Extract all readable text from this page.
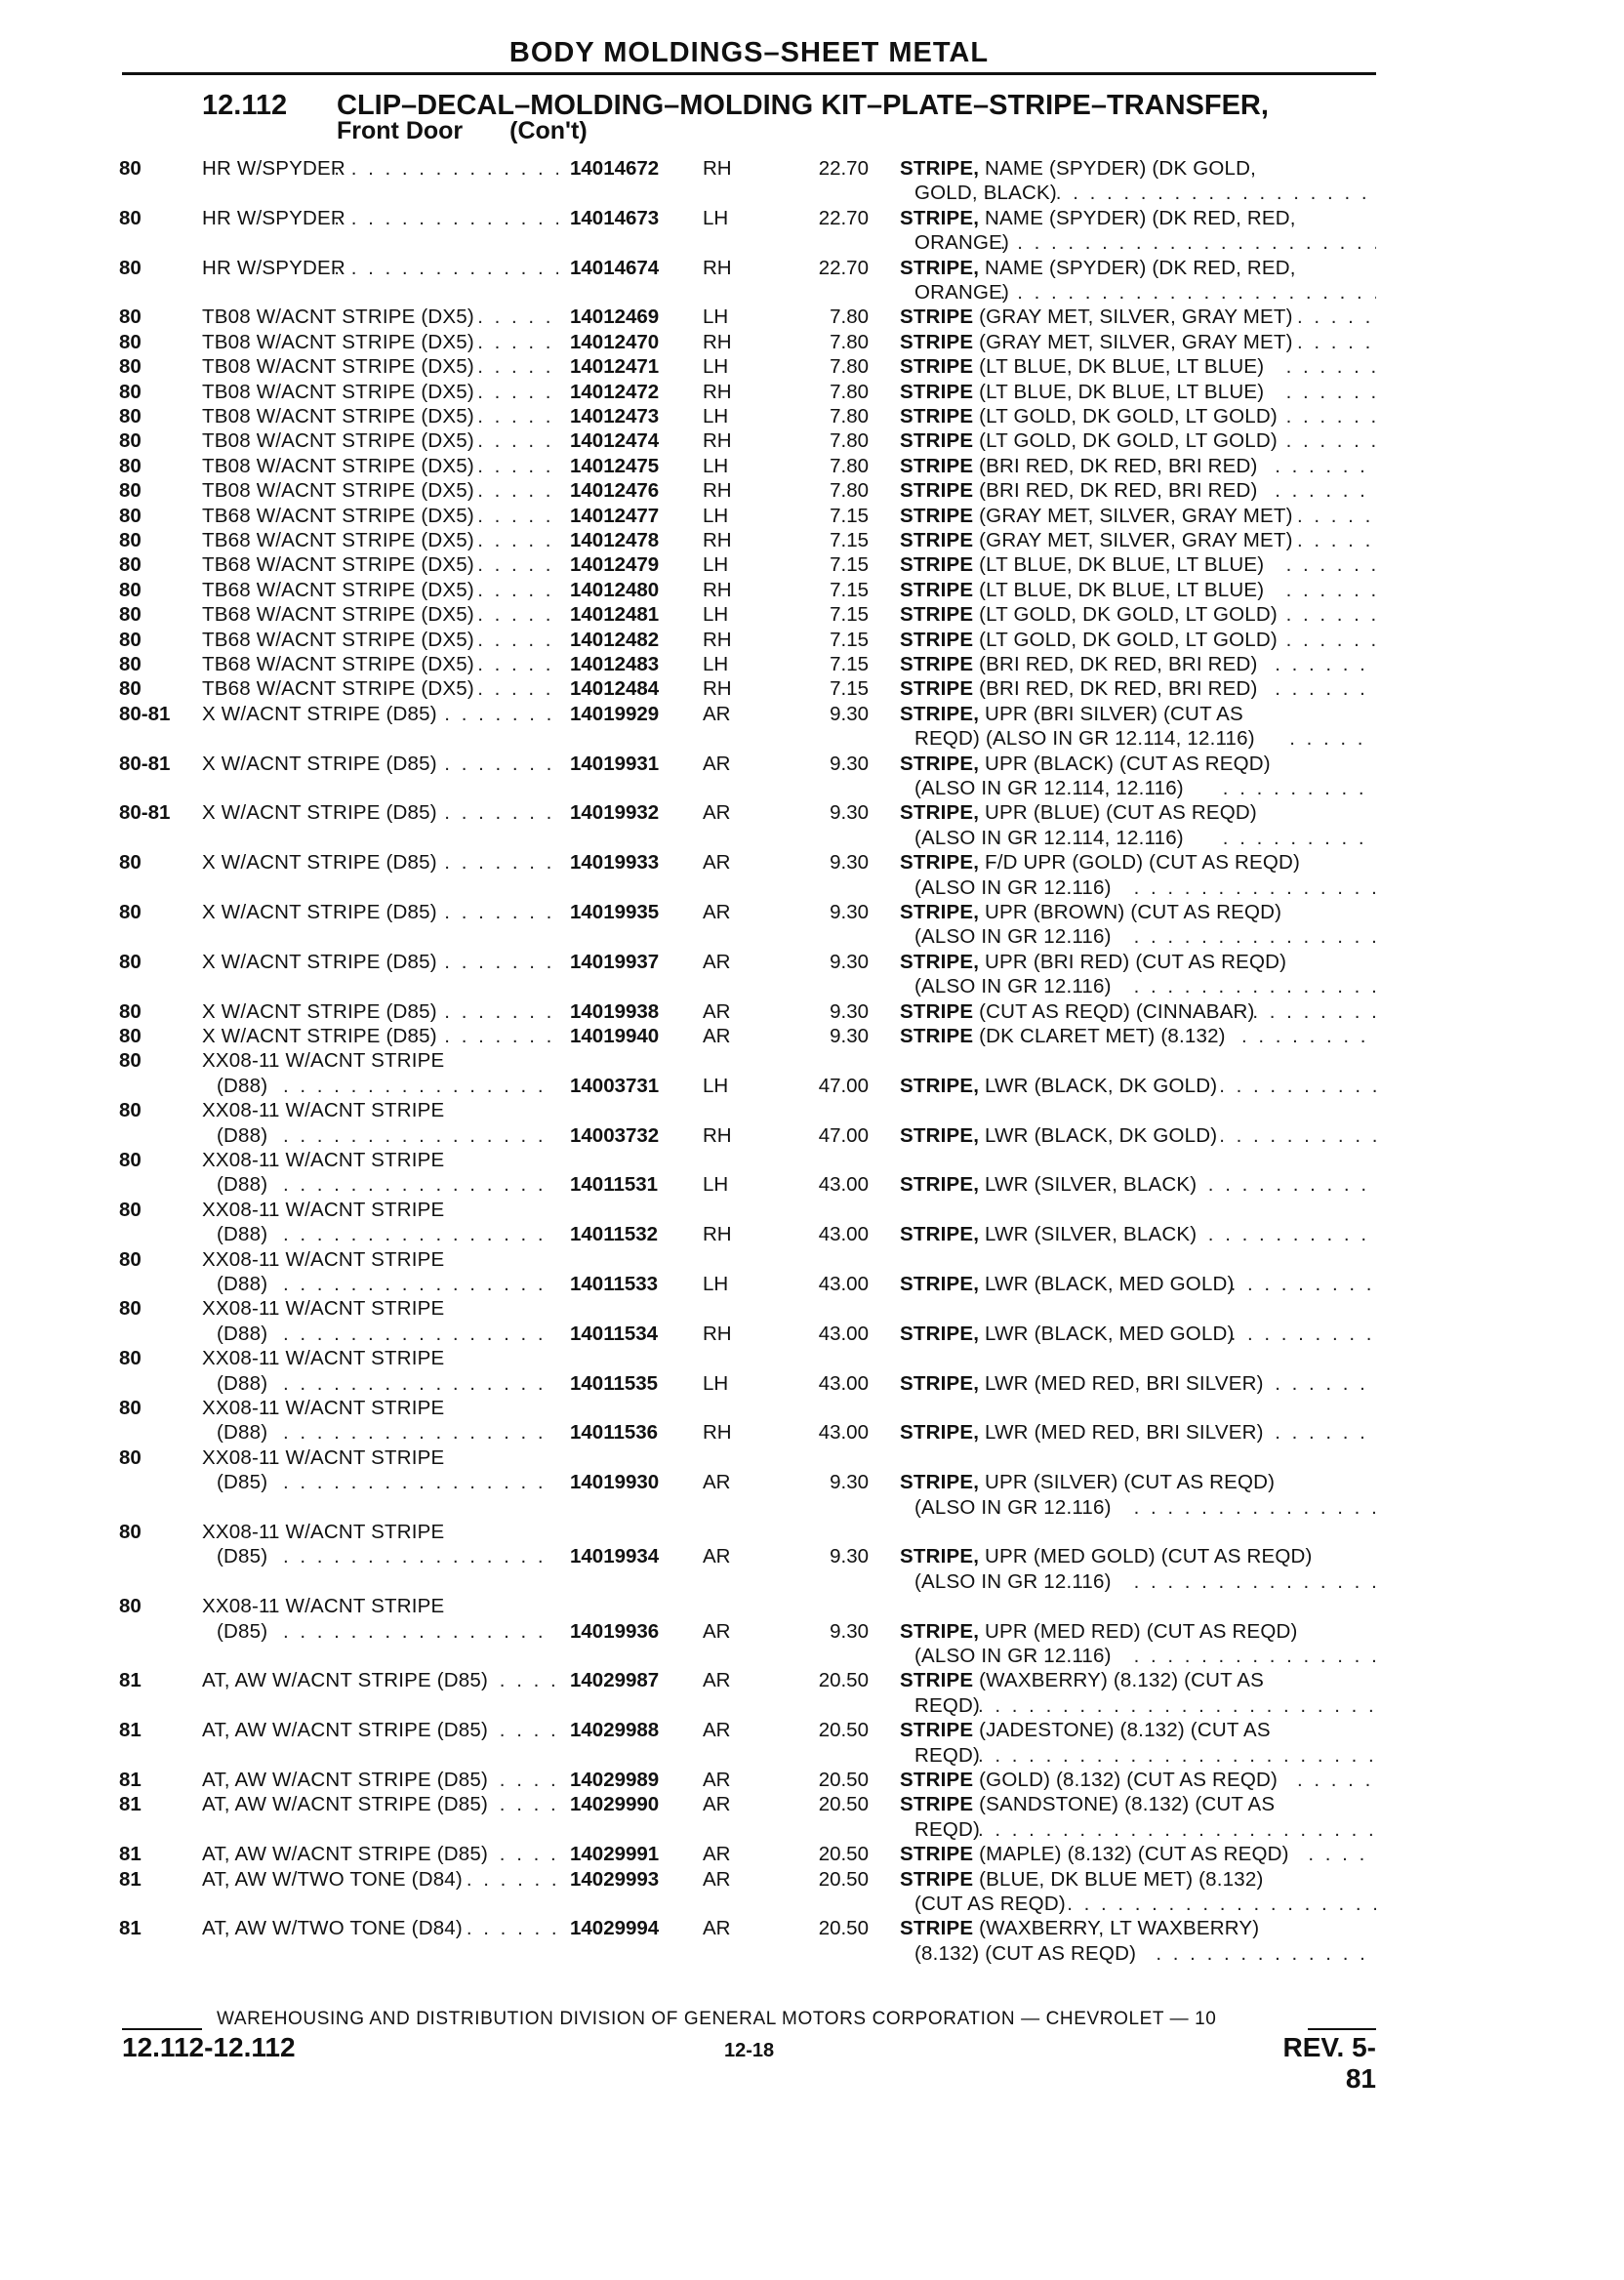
BODY MOLDINGS–SHEET METAL
12.112 CLIP–DECAL–MOLDING–MOLDING KIT–PLATE–STRIPE–TRANSFER,
Front Door (Con't)
80	HR W/SPYDER . . .	14014672 RH	22.70 STRIPE, NAME (SPYDER) (DK GOLD,
GOLD, BLACK)
. . .
80	HR W/SPYDER . . .	14014673 LH	22.70 STRIPE, NAME (SPYDER) (DK RED, RED,
ORANGE)
. . .
80	HR W/SPYDER . . .	14014674 RH	22.70 STRIPE, NAME (SPYDER) (DK RED, RED,
ORANGE)
. . .
80	TB08 W/ACNT STRIPE (DX5) . . .	14012469 LH	7.80 STRIPE (GRAY MET, SILVER, GRAY MET)
. . .
80	TB08 W/ACNT STRIPE (DX5) . . .	14012470 RH	7.80 STRIPE (GRAY MET, SILVER, GRAY MET)
. . .
80	TB08 W/ACNT STRIPE (DX5) . . .	14012471 LH	7.80 STRIPE (LT BLUE, DK BLUE, LT BLUE)
. . .
80	TB08 W/ACNT STRIPE (DX5) . . .	14012472 RH	7.80 STRIPE (LT BLUE, DK BLUE, LT BLUE)
. . .
80	TB08 W/ACNT STRIPE (DX5) . . .	14012473 LH	7.80 STRIPE (LT GOLD, DK GOLD, LT GOLD)
. . .
80	TB08 W/ACNT STRIPE (DX5) . . .	14012474 RH	7.80 STRIPE (LT GOLD, DK GOLD, LT GOLD)
. . .
80	TB08 W/ACNT STRIPE (DX5) . . .	14012475 LH	7.80 STRIPE (BRI RED, DK RED, BRI RED)
. . .
80	TB08 W/ACNT STRIPE (DX5) . . .	14012476 RH	7.80 STRIPE (BRI RED, DK RED, BRI RED)
. . .
80	TB68 W/ACNT STRIPE (DX5) . . .	14012477 LH	7.15 STRIPE (GRAY MET, SILVER, GRAY MET)
. . .
80	TB68 W/ACNT STRIPE (DX5) . . .	14012478 RH	7.15 STRIPE (GRAY MET, SILVER, GRAY MET)
. . .
80	TB68 W/ACNT STRIPE (DX5) . . .	14012479 LH	7.15 STRIPE (LT BLUE, DK BLUE, LT BLUE)
. . .
80	TB68 W/ACNT STRIPE (DX5) . . .	14012480 RH	7.15 STRIPE (LT BLUE, DK BLUE, LT BLUE)
. . .
80	TB68 W/ACNT STRIPE (DX5) . . .	14012481 LH	7.15 STRIPE (LT GOLD, DK GOLD, LT GOLD)
. . .
80	TB68 W/ACNT STRIPE (DX5) . . .	14012482 RH	7.15 STRIPE (LT GOLD, DK GOLD, LT GOLD)
. . .
80	TB68 W/ACNT STRIPE (DX5) . . .	14012483 LH	7.15 STRIPE (BRI RED, DK RED, BRI RED)
. . .
80	TB68 W/ACNT STRIPE (DX5) . . .	14012484 RH	7.15 STRIPE (BRI RED, DK RED, BRI RED)
. . .
80-81 X W/ACNT STRIPE (D85) . . .	14019929 AR	9.30 STRIPE, UPR (BRI SILVER) (CUT AS
REQD) (ALSO IN GR 12.114, 12.116)
. . .
80-81 X W/ACNT STRIPE (D85) . . .	14019931 AR	9.30 STRIPE, UPR (BLACK) (CUT AS REQD)
(ALSO IN GR 12.114, 12.116)
. . .
80-81 X W/ACNT STRIPE (D85) . . .	14019932 AR	9.30 STRIPE, UPR (BLUE) (CUT AS REQD)
(ALSO IN GR 12.114, 12.116)
. . .
80	X W/ACNT STRIPE (D85) . . .	14019933 AR	9.30 STRIPE, F/D UPR (GOLD) (CUT AS REQD)
(ALSO IN GR 12.116)
. . .
80	X W/ACNT STRIPE (D85) . . .	14019935 AR	9.30 STRIPE, UPR (BROWN) (CUT AS REQD)
(ALSO IN GR 12.116)
. . .
80	X W/ACNT STRIPE (D85) . . .	14019937 AR	9.30 STRIPE, UPR (BRI RED) (CUT AS REQD)
(ALSO IN GR 12.116)
. . .
80	X W/ACNT STRIPE (D85) . . .	14019938 AR	9.30 STRIPE (CUT AS REQD) (CINNABAR)
. . .
80	X W/ACNT STRIPE (D85) . . .	14019940 AR	9.30 STRIPE (DK CLARET MET) (8.132)
. . .
80	XX08-11 W/ACNT STRIPE
(D88) . . .	14003731 LH	47.00 STRIPE, LWR (BLACK, DK GOLD)
. . .
80	XX08-11 W/ACNT STRIPE
(D88) . . .	14003732 RH	47.00 STRIPE, LWR (BLACK, DK GOLD)
. . .
80	XX08-11 W/ACNT STRIPE
(D88) . . .	14011531 LH	43.00 STRIPE, LWR (SILVER, BLACK)
. . .
80	XX08-11 W/ACNT STRIPE
(D88) . . .	14011532 RH	43.00 STRIPE, LWR (SILVER, BLACK)
. . .
80	XX08-11 W/ACNT STRIPE
(D88) . . .	14011533 LH	43.00 STRIPE, LWR (BLACK, MED GOLD)
. . .
80	XX08-11 W/ACNT STRIPE
(D88) . . .	14011534 RH	43.00 STRIPE, LWR (BLACK, MED GOLD)
. . .
80	XX08-11 W/ACNT STRIPE
(D88) . . .	14011535 LH	43.00 STRIPE, LWR (MED RED, BRI SILVER)
. . .
80	XX08-11 W/ACNT STRIPE
(D88) . . .	14011536 RH	43.00 STRIPE, LWR (MED RED, BRI SILVER)
. . .
80	XX08-11 W/ACNT STRIPE
(D85) . . .	14019930 AR	9.30 STRIPE, UPR (SILVER) (CUT AS REQD)
(ALSO IN GR 12.116)
. . .
80	XX08-11 W/ACNT STRIPE
(D85) . . .	14019934 AR	9.30 STRIPE, UPR (MED GOLD) (CUT AS REQD)
(ALSO IN GR 12.116)
. . .
80	XX08-11 W/ACNT STRIPE
(D85) . . .	14019936 AR	9.30 STRIPE, UPR (MED RED) (CUT AS REQD)
(ALSO IN GR 12.116)
. . .
81	AT, AW W/ACNT STRIPE (D85) . . .	14029987 AR	20.50 STRIPE (WAXBERRY) (8.132) (CUT AS
REQD)
. . .
81	AT, AW W/ACNT STRIPE (D85) . . .	14029988 AR	20.50 STRIPE (JADESTONE) (8.132) (CUT AS
REQD)
. . .
81	AT, AW W/ACNT STRIPE (D85) . . .	14029989 AR	20.50 STRIPE (GOLD) (8.132) (CUT AS REQD)
. . .
81	AT, AW W/ACNT STRIPE (D85) . . .	14029990 AR	20.50 STRIPE (SANDSTONE) (8.132) (CUT AS
REQD)
. . .
81	AT, AW W/ACNT STRIPE (D85) . . .	14029991 AR	20.50 STRIPE (MAPLE) (8.132) (CUT AS REQD)
. . .
81	AT, AW W/TWO TONE (D84) . . .	14029993 AR	20.50 STRIPE (BLUE, DK BLUE MET) (8.132)
(CUT AS REQD)
. . .
81	AT, AW W/TWO TONE (D84) . . .	14029994 AR	20.50 STRIPE (WAXBERRY, LT WAXBERRY)
(8.132) (CUT AS REQD)
. . .
WAREHOUSING AND DISTRIBUTION DIVISION OF GENERAL MOTORS CORPORATION — CHEVROLET — 10
12.112-12.112	12-18	REV. 5-81
